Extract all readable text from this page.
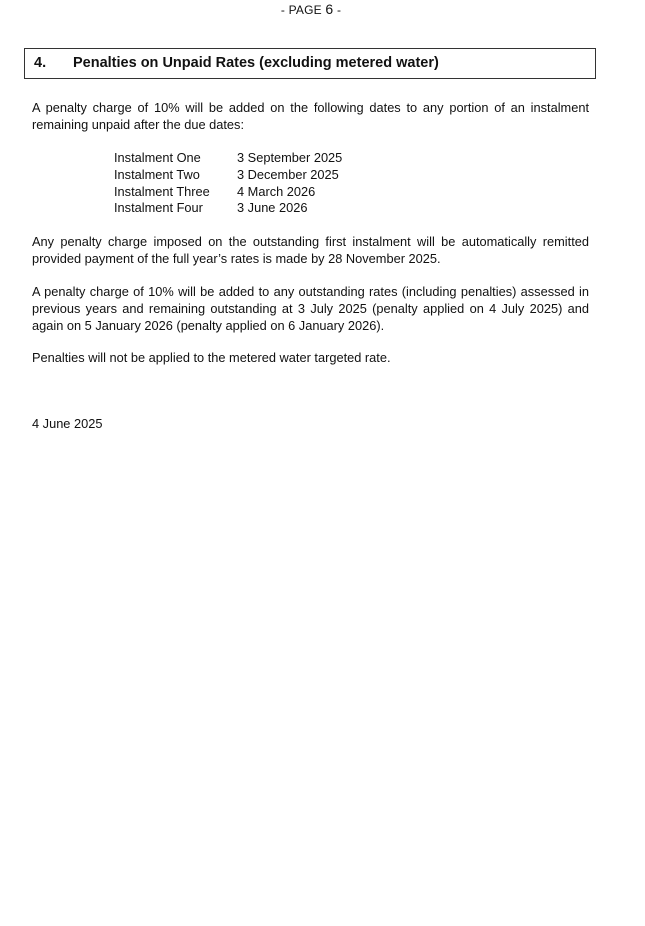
- PAGE 6 -
4. Penalties on Unpaid Rates (excluding metered water)

A penalty charge of 10% will be added on the following dates to any portion of an instalment remaining unpaid after the due dates:

Instalment One	3 September 2025
Instalment Two	3 December 2025
Instalment Three	4 March 2026
Instalment Four	3 June 2026

Any penalty charge imposed on the outstanding first instalment will be automatically remitted provided payment of the full year’s rates is made by 28 November 2025.

A penalty charge of 10% will be added to any outstanding rates (including penalties) assessed in previous years and remaining outstanding at 3 July 2025 (penalty applied on 4 July 2025) and again on 5 January 2026 (penalty applied on 6 January 2026).

Penalties will not be applied to the metered water targeted rate.

4 June 2025
